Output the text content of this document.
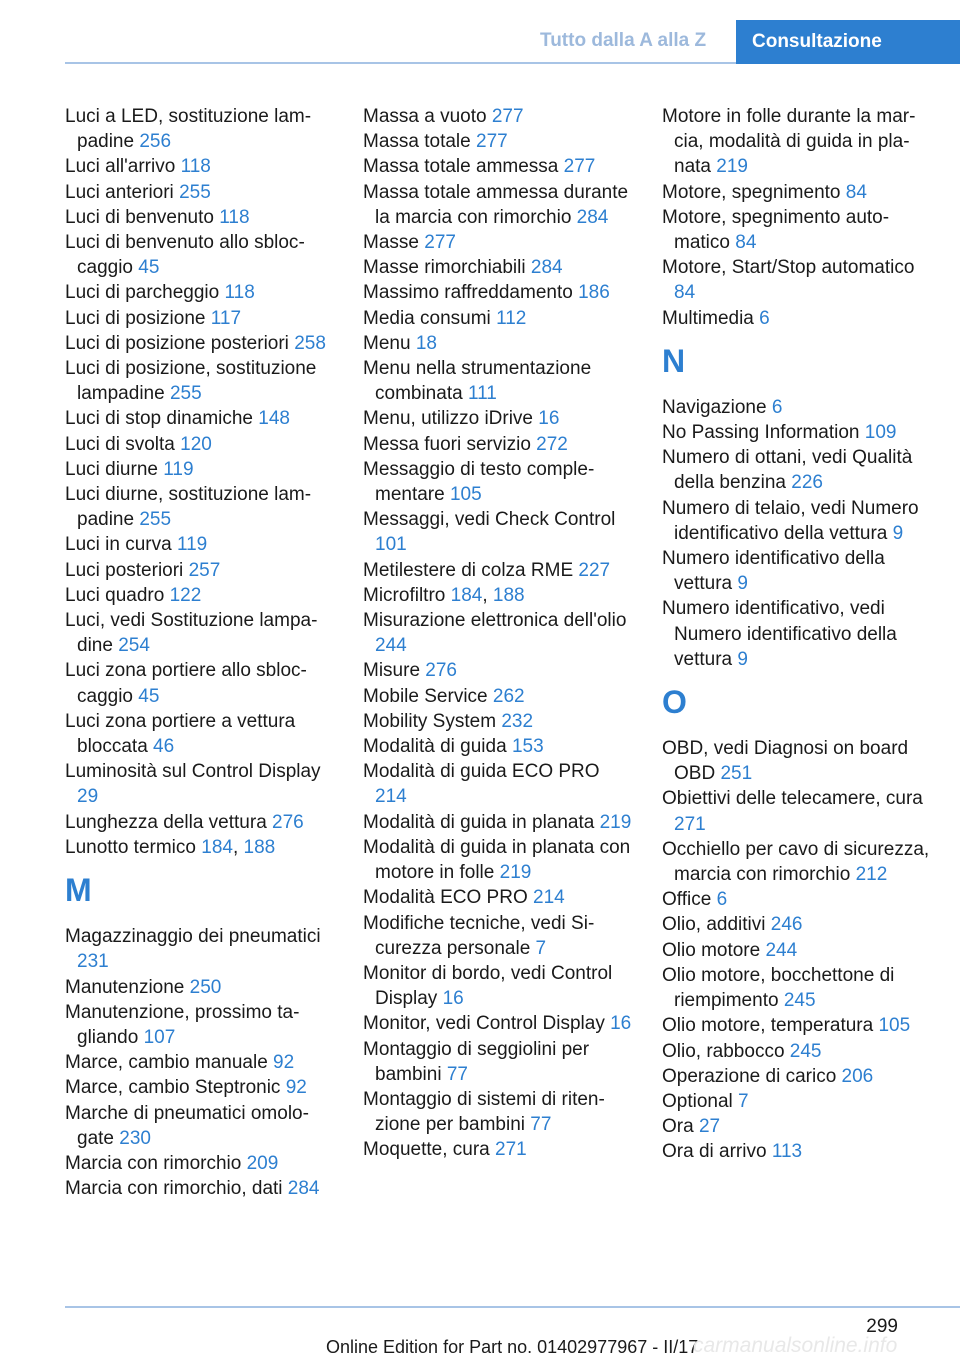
Tutto dalla A alla Z	Consultazione
Luci a LED, sostituzione lampadine 256
Luci all'arrivo 118
Luci anteriori 255
Luci di benvenuto 118
Luci di benvenuto allo sbloccaggio 45
Luci di parcheggio 118
Luci di posizione 117
Luci di posizione posteriori 258
Luci di posizione, sostituzione lampadine 255
Luci di stop dinamiche 148
Luci di svolta 120
Luci diurne 119
Luci diurne, sostituzione lampadine 255
Luci in curva 119
Luci posteriori 257
Luci quadro 122
Luci, vedi Sostituzione lampadine 254
Luci zona portiere allo sbloccaggio 45
Luci zona portiere a vettura bloccata 46
Luminosità sul Control Display 29
Lunghezza della vettura 276
Lunotto termico 184, 188
M
Magazzinaggio dei pneumatici 231
Manutenzione 250
Manutenzione, prossimo tagliando 107
Marce, cambio manuale 92
Marce, cambio Steptronic 92
Marche di pneumatici omologate 230
Marcia con rimorchio 209
Marcia con rimorchio, dati 284
Massa a vuoto 277
Massa totale 277
Massa totale ammessa 277
Massa totale ammessa durante la marcia con rimorchio 284
Masse 277
Masse rimorchiabili 284
Massimo raffreddamento 186
Media consumi 112
Menu 18
Menu nella strumentazione combinata 111
Menu, utilizzo iDrive 16
Messa fuori servizio 272
Messaggio di testo complementare 105
Messaggi, vedi Check Control 101
Metilestere di colza RME 227
Microfiltro 184, 188
Misurazione elettronica dell'olio 244
Misure 276
Mobile Service 262
Mobility System 232
Modalità di guida 153
Modalità di guida ECO PRO 214
Modalità di guida in planata 219
Modalità di guida in planata con motore in folle 219
Modalità ECO PRO 214
Modifiche tecniche, vedi Sicurezza personale 7
Monitor di bordo, vedi Control Display 16
Monitor, vedi Control Display 16
Montaggio di seggiolini per bambini 77
Montaggio di sistemi di ritenzione per bambini 77
Moquette, cura 271
Motore in folle durante la marcia, modalità di guida in planata 219
Motore, spegnimento 84
Motore, spegnimento automatico 84
Motore, Start/Stop automatico 84
Multimedia 6
N
Navigazione 6
No Passing Information 109
Numero di ottani, vedi Qualità della benzina 226
Numero di telaio, vedi Numero identificativo della vettura 9
Numero identificativo della vettura 9
Numero identificativo, vedi Numero identificativo della vettura 9
O
OBD, vedi Diagnosi on board OBD 251
Obiettivi delle telecamere, cura 271
Occhiello per cavo di sicurezza, marcia con rimorchio 212
Office 6
Olio, additivi 246
Olio motore 244
Olio motore, bocchettone di riempimento 245
Olio motore, temperatura 105
Olio, rabbocco 245
Operazione di carico 206
Optional 7
Ora 27
Ora di arrivo 113
299
Online Edition for Part no. 01402977967 - II/17
carmanualsonline.info
